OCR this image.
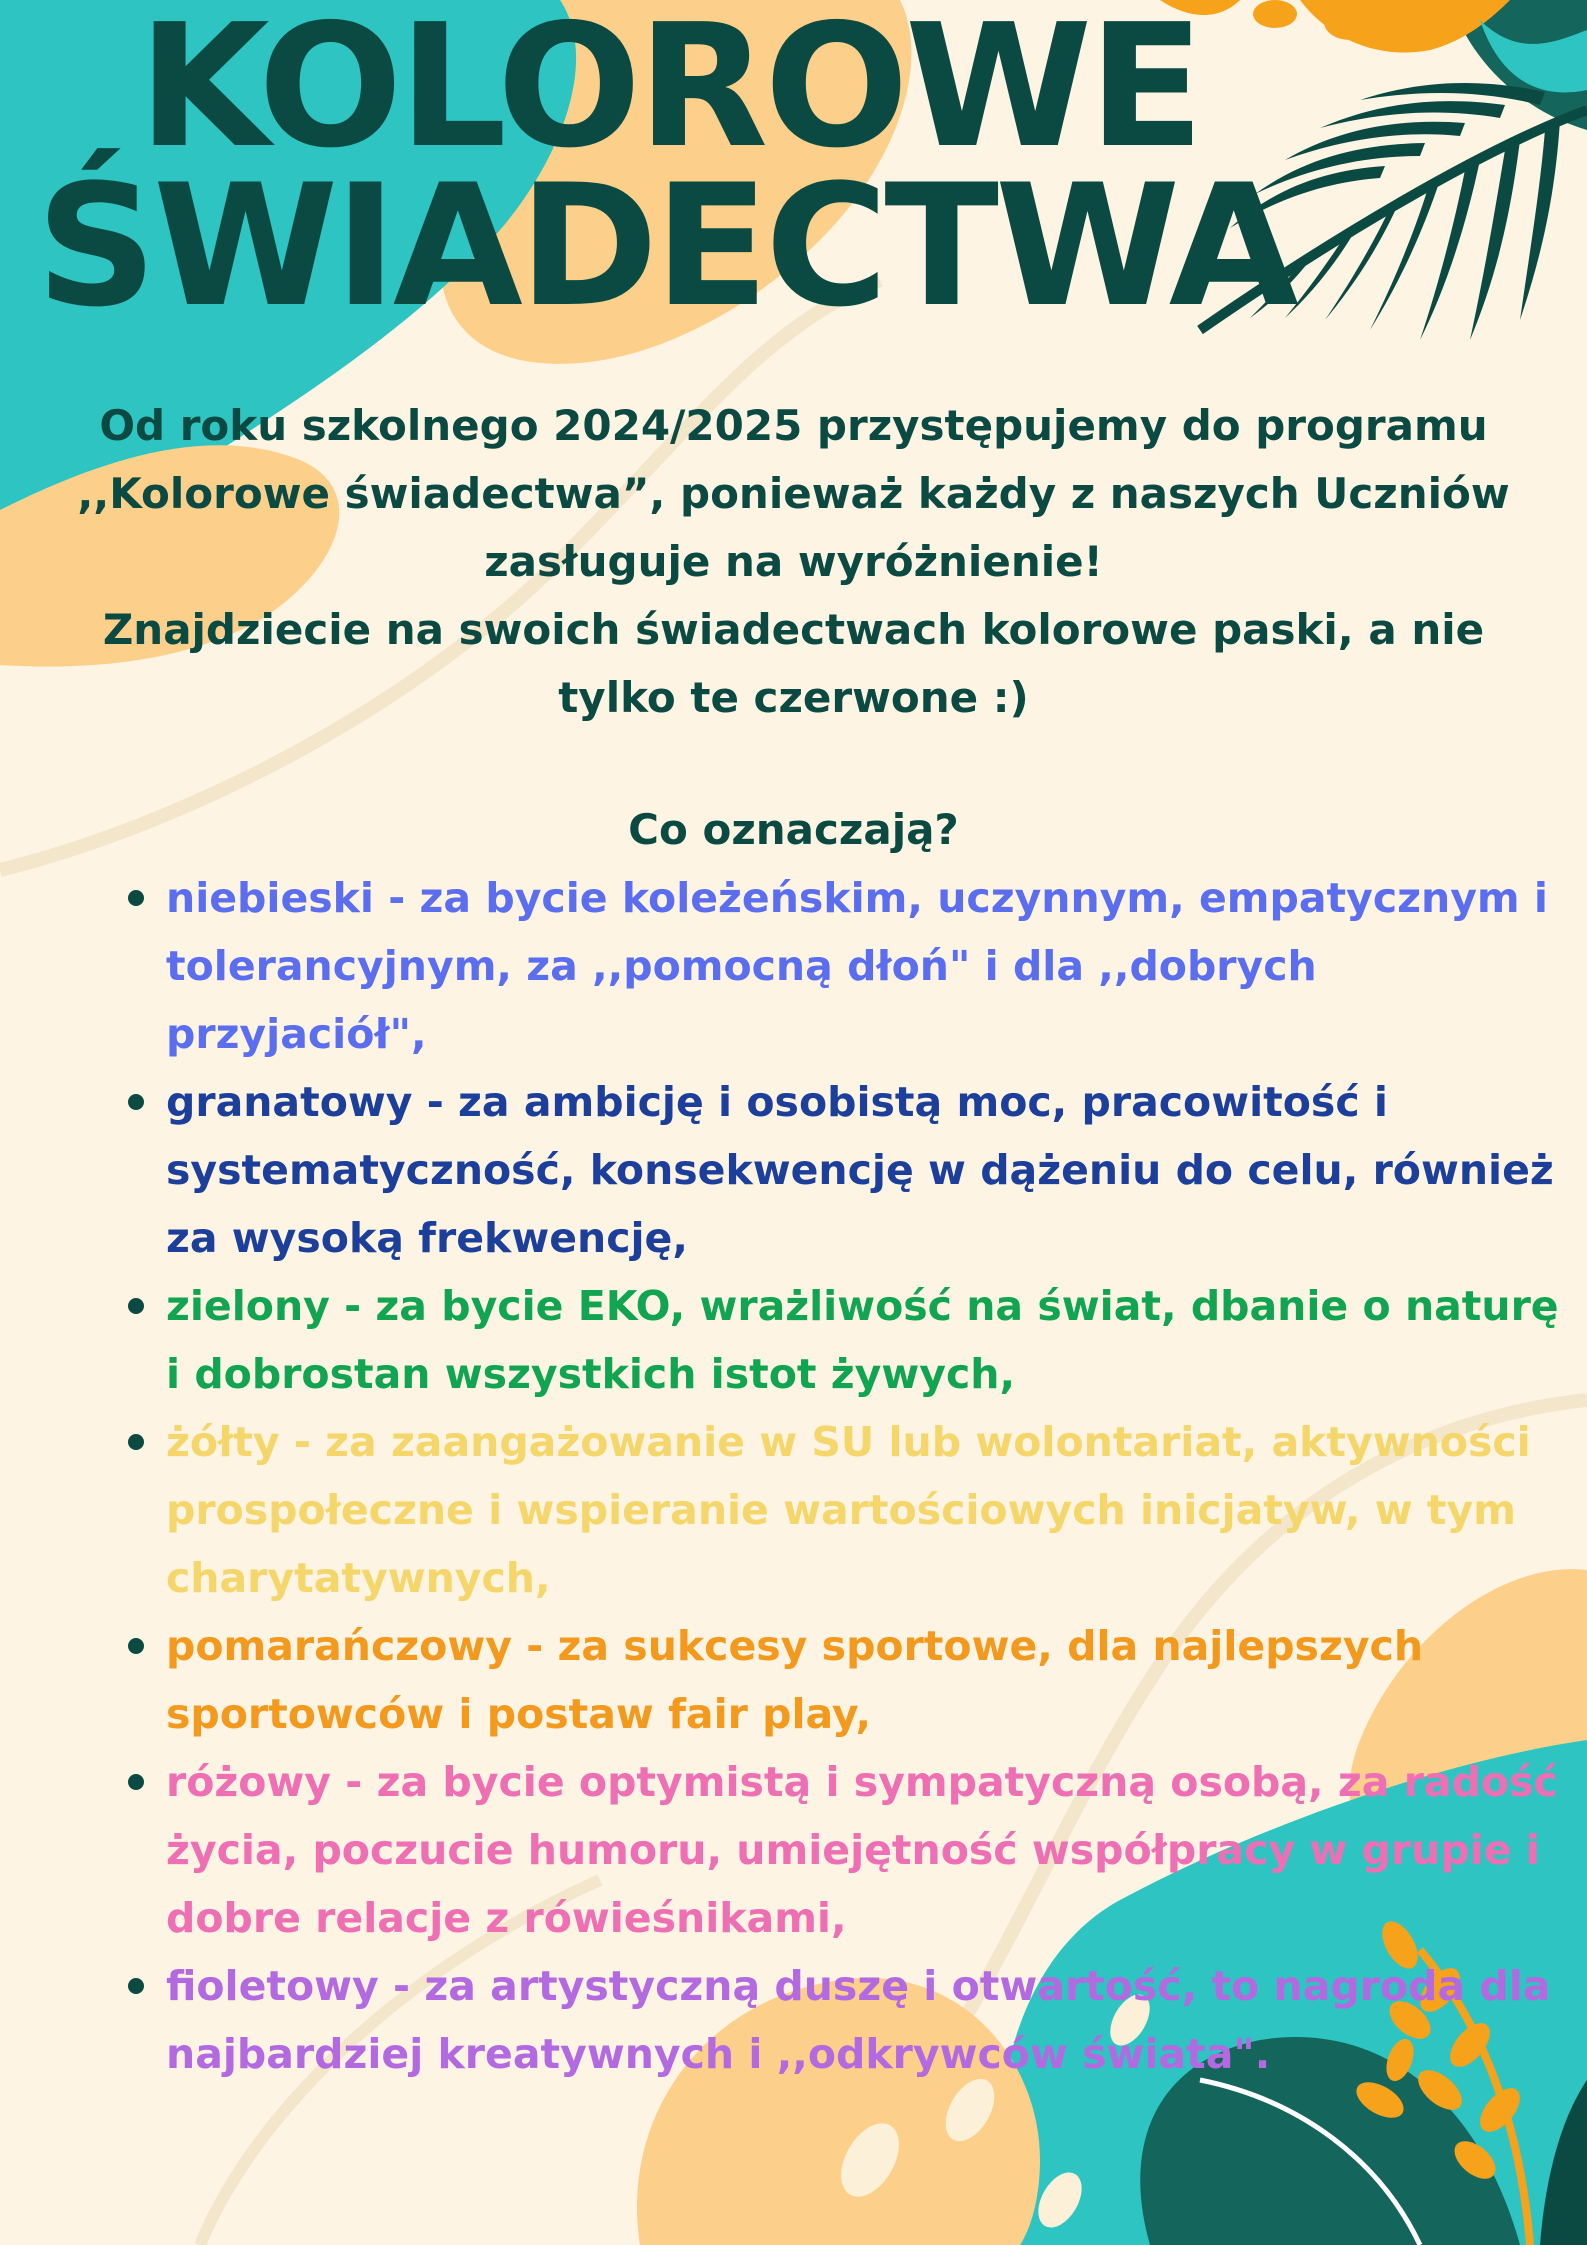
KOLOROWE
ŚWIADECTWA

Od roku szkolnego 2024/2025 przystępujemy do programu ,,Kolorowe świadectwa”, ponieważ każdy z naszych Uczniów zasługuje na wyróżnienie!

Znajdziecie na swoich świadectwach kolorowe paski, a nie tylko te czerwone :)

Co oznaczają?

niebieski - za bycie koleżeńskim, uczynnym, empatycznym i tolerancyjnym, za ,,pomocną dłoń" i dla ,,dobrych przyjaciół",
granatowy - za ambicję i osobistą moc, pracowitość i systematyczność, konsekwencję w dążeniu do celu, również za wysoką frekwencję,
zielony - za bycie EKO, wrażliwość na świat, dbanie o naturę i dobrostan wszystkich istot żywych,
żółty - za zaangażowanie w SU lub wolontariat, aktywności prospołeczne i wspieranie wartościowych inicjatyw, w tym charytatywnych,
pomarańczowy - za sukcesy sportowe, dla najlepszych sportowców i postaw fair play,
różowy - za bycie optymistą i sympatyczną osobą, za radość życia, poczucie humoru, umiejętność współpracy w grupie i dobre relacje z rówieśnikami,
fioletowy - za artystyczną duszę i otwartość, to nagroda dla najbardziej kreatywnych i ,,odkrywców świata".
